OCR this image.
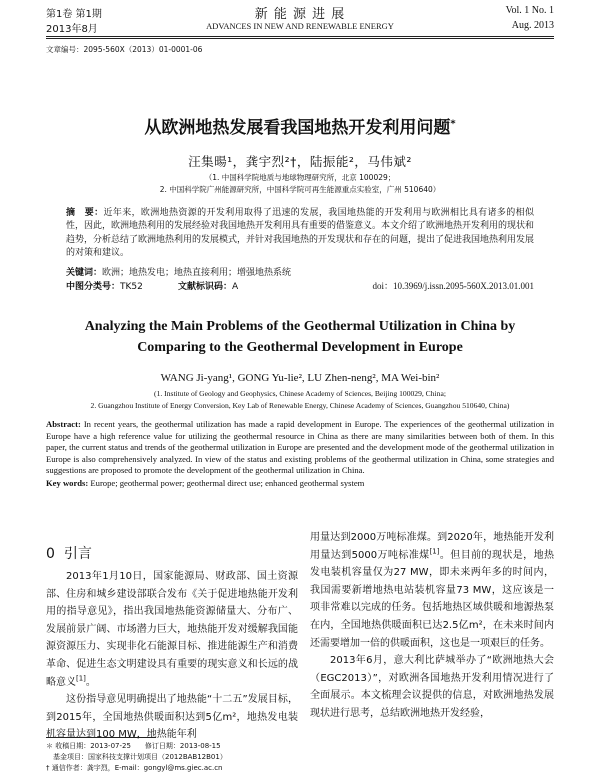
第1卷 第1期
2013年8月
新 能 源 进 展
ADVANCES IN NEW AND RENEWABLE ENERGY
Vol. 1 No. 1
Aug. 2013
文章编号：2095-560X（2013）01-0001-06
从欧洲地热发展看我国地热开发利用问题*
汪集暘¹，龚宇烈²†，陆振能²，马伟斌²
（1. 中国科学院地质与地球物理研究所，北京 100029；
2. 中国科学院广州能源研究所，中国科学院可再生能源重点实验室，广州 510640）

摘　要：近年来，欧洲地热资源的开发利用取得了迅速的发展，我国地热能的开发利用与欧洲相比具有诸多的相似性，因此，欧洲地热利用的发展经验对我国地热开发利用具有重要的借鉴意义。本文介绍了欧洲地热开发利用的现状和趋势，分析总结了欧洲地热利用的发展模式，并针对我国地热的开发现状和存在的问题，提出了促进我国地热利用发展的对策和建议。

关键词：欧洲；地热发电；地热直接利用；增强地热系统
中图分类号：TK52	文献标识码：A	doi：10.3969/j.issn.2095-560X.2013.01.001
Analyzing the Main Problems of the Geothermal Utilization in China by
Comparing to the Geothermal Development in Europe
WANG Ji-yang¹, GONG Yu-lie², LU Zhen-neng², MA Wei-bin²
(1. Institute of Geology and Geophysics, Chinese Academy of Sciences, Beijing 100029, China;
2. Guangzhou Institute of Energy Conversion, Key Lab of Renewable Energy, Chinese Academy of Sciences, Guangzhou 510640, China)

Abstract: In recent years, the geothermal utilization has made a rapid development in Europe. The experiences of the geothermal utilization in Europe have a high reference value for utilizing the geothermal resource in China as there are many similarities between both of them. In this paper, the current status and trends of the geothermal utilization in Europe are presented and the development mode of the geothermal utilization in Europe is also comprehensively analyzed. In view of the status and existing problems of the geothermal utilization in China, some strategies and suggestions are proposed to promote the development of the geothermal utilization in China.

Key words: Europe; geothermal power; geothermal direct use; enhanced geothermal system

0 引言

2013年1月10日，国家能源局、财政部、国土资源部、住房和城乡建设部联合发布《关于促进地热能开发利用的指导意见》，指出我国地热能资源储量大、分布广、发展前景广阔、市场潜力巨大，地热能开发对缓解我国能源资源压力、实现非化石能源目标、推进能源生产和消费革命、促进生态文明建设具有重要的现实意义和长远的战略意义[1]。

这份指导意见明确提出了地热能“十二五”发展目标，到2015年，全国地热供暖面积达到5亿m²，地热发电装机容量达到100 MW，地热能年利

用量达到2000万吨标准煤。到2020年，地热能开发利用量达到5000万吨标准煤[1]。但目前的现状是，地热发电装机容量仅为27 MW，即未来两年多的时间内，我国需要新增地热电站装机容量73 MW，这应该是一项非常难以完成的任务。包括地热区域供暖和地源热泵在内，全国地热供暖面积已达2.5亿m²，在未来时间内还需要增加一倍的供暖面积，这也是一项艰巨的任务。

2013年6月，意大利比萨城举办了“欧洲地热大会（EGC2013）”，对欧洲各国地热开发利用情况进行了全面展示。本文梳理会议提供的信息，对欧洲地热发展现状进行思考，总结欧洲地热开发经验，

＊ 收稿日期：2013-07-25　　修订日期：2013-08-15
　基金项目：国家科技支撑计划项目（2012BAB12B01）
† 通信作者：龚宇烈，E-mail：gongyl@ms.giec.ac.cn
